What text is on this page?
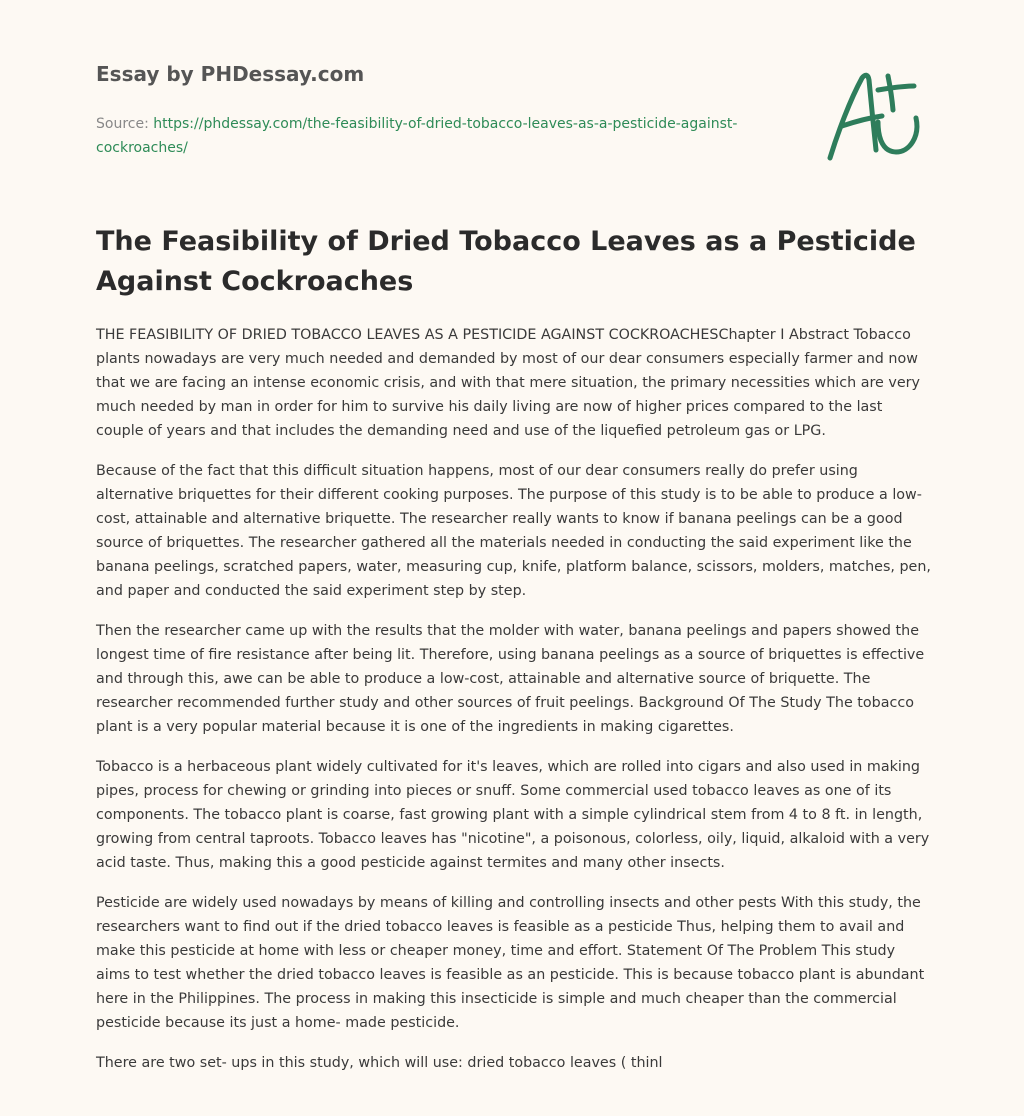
Essay by PHDessay.com
Source: https://phdessay.com/the-feasibility-of-dried-tobacco-leaves-as-a-pesticide-against-cockroaches/
The Feasibility of Dried Tobacco Leaves as a Pesticide Against Cockroaches

THE FEASIBILITY OF DRIED TOBACCO LEAVES AS A PESTICIDE AGAINST COCKROACHESChapter I Abstract Tobacco plants nowadays are very much needed and demanded by most of our dear consumers especially farmer and now that we are facing an intense economic crisis, and with that mere situation, the primary necessities which are very much needed by man in order for him to survive his daily living are now of higher prices compared to the last couple of years and that includes the demanding need and use of the liquefied petroleum gas or LPG.

Because of the fact that this difficult situation happens, most of our dear consumers really do prefer using alternative briquettes for their different cooking purposes. The purpose of this study is to be able to produce a low-cost, attainable and alternative briquette. The researcher really wants to know if banana peelings can be a good source of briquettes. The researcher gathered all the materials needed in conducting the said experiment like the banana peelings, scratched papers, water, measuring cup, knife, platform balance, scissors, molders, matches, pen, and paper and conducted the said experiment step by step.

Then the researcher came up with the results that the molder with water, banana peelings and papers showed the longest time of fire resistance after being lit. Therefore, using banana peelings as a source of briquettes is effective and through this, awe can be able to produce a low-cost, attainable and alternative source of briquette. The researcher recommended further study and other sources of fruit peelings. Background Of The Study The tobacco plant is a very popular material because it is one of the ingredients in making cigarettes.

Tobacco is a herbaceous plant widely cultivated for it's leaves, which are rolled into cigars and also used in making pipes, process for chewing or grinding into pieces or snuff. Some commercial used tobacco leaves as one of its components. The tobacco plant is coarse, fast growing plant with a simple cylindrical stem from 4 to 8 ft. in length, growing from central taproots. Tobacco leaves has "nicotine", a poisonous, colorless, oily, liquid, alkaloid with a very acid taste. Thus, making this a good pesticide against termites and many other insects.

Pesticide are widely used nowadays by means of killing and controlling insects and other pests With this study, the researchers want to find out if the dried tobacco leaves is feasible as a pesticide Thus, helping them to avail and make this pesticide at home with less or cheaper money, time and effort. Statement Of The Problem This study aims to test whether the dried tobacco leaves is feasible as an pesticide. This is because tobacco plant is abundant here in the Philippines. The process in making this insecticide is simple and much cheaper than the commercial pesticide because its just a home- made pesticide.

There are two set- ups in this study, which will use: dried tobacco leaves ( thinl
